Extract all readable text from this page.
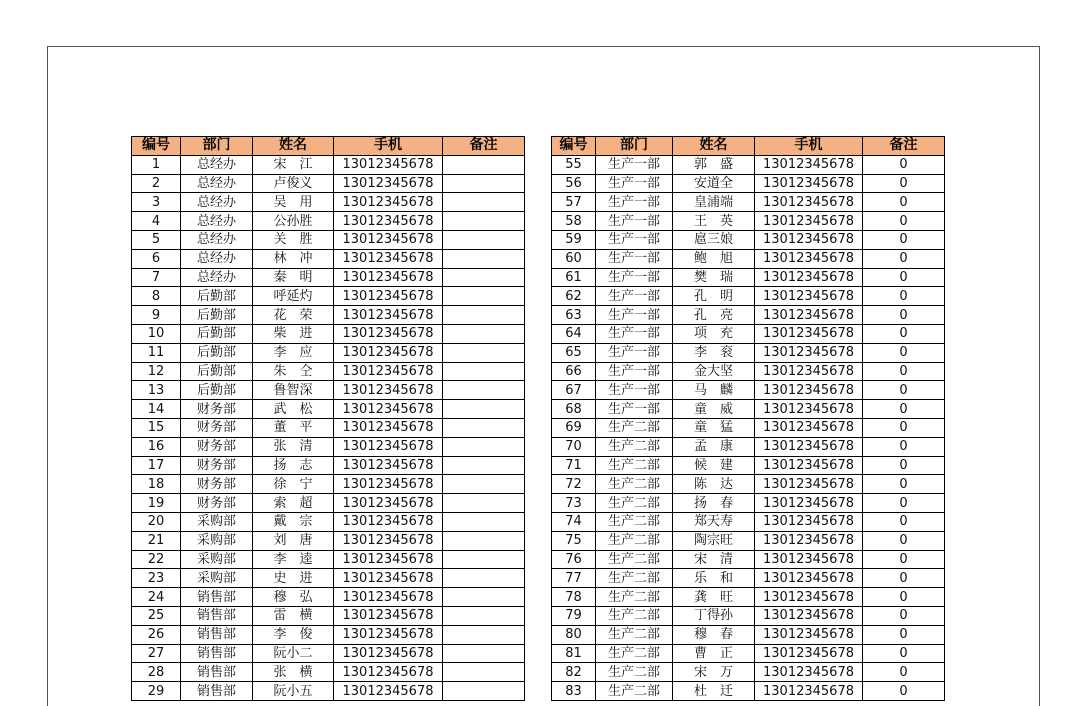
编号	部门	姓名	手机	备注
1	总经办	宋　江	13012345678	
2	总经办	卢俊义	13012345678	
3	总经办	吴　用	13012345678	
4	总经办	公孙胜	13012345678	
5	总经办	关　胜	13012345678	
6	总经办	林　冲	13012345678	
7	总经办	秦　明	13012345678	
8	后勤部	呼延灼	13012345678	
9	后勤部	花　荣	13012345678	
10	后勤部	柴　进	13012345678	
11	后勤部	李　应	13012345678	
12	后勤部	朱　仝	13012345678	
13	后勤部	鲁智深	13012345678	
14	财务部	武　松	13012345678	
15	财务部	董　平	13012345678	
16	财务部	张　清	13012345678	
17	财务部	扬　志	13012345678	
18	财务部	徐　宁	13012345678	
19	财务部	索　超	13012345678	
20	采购部	戴　宗	13012345678	
21	采购部	刘　唐	13012345678	
22	采购部	李　逵	13012345678	
23	采购部	史　进	13012345678	
24	销售部	穆　弘	13012345678	
25	销售部	雷　横	13012345678	
26	销售部	李　俊	13012345678	
27	销售部	阮小二	13012345678	
28	销售部	张　横	13012345678	
29	销售部	阮小五	13012345678	
编号	部门	姓名	手机	备注
55	生产一部	郭　盛	13012345678	0
56	生产一部	安道全	13012345678	0
57	生产一部	皇浦端	13012345678	0
58	生产一部	王　英	13012345678	0
59	生产一部	扈三娘	13012345678	0
60	生产一部	鲍　旭	13012345678	0
61	生产一部	樊　瑞	13012345678	0
62	生产一部	孔　明	13012345678	0
63	生产一部	孔　亮	13012345678	0
64	生产一部	项　充	13012345678	0
65	生产一部	李　衮	13012345678	0
66	生产一部	金大坚	13012345678	0
67	生产一部	马　麟	13012345678	0
68	生产一部	童　威	13012345678	0
69	生产二部	童　猛	13012345678	0
70	生产二部	孟　康	13012345678	0
71	生产二部	候　建	13012345678	0
72	生产二部	陈　达	13012345678	0
73	生产二部	扬　春	13012345678	0
74	生产二部	郑天寿	13012345678	0
75	生产二部	陶宗旺	13012345678	0
76	生产二部	宋　清	13012345678	0
77	生产二部	乐　和	13012345678	0
78	生产二部	龚　旺	13012345678	0
79	生产二部	丁得孙	13012345678	0
80	生产二部	穆　春	13012345678	0
81	生产二部	曹　正	13012345678	0
82	生产二部	宋　万	13012345678	0
83	生产二部	杜　迁	13012345678	0
